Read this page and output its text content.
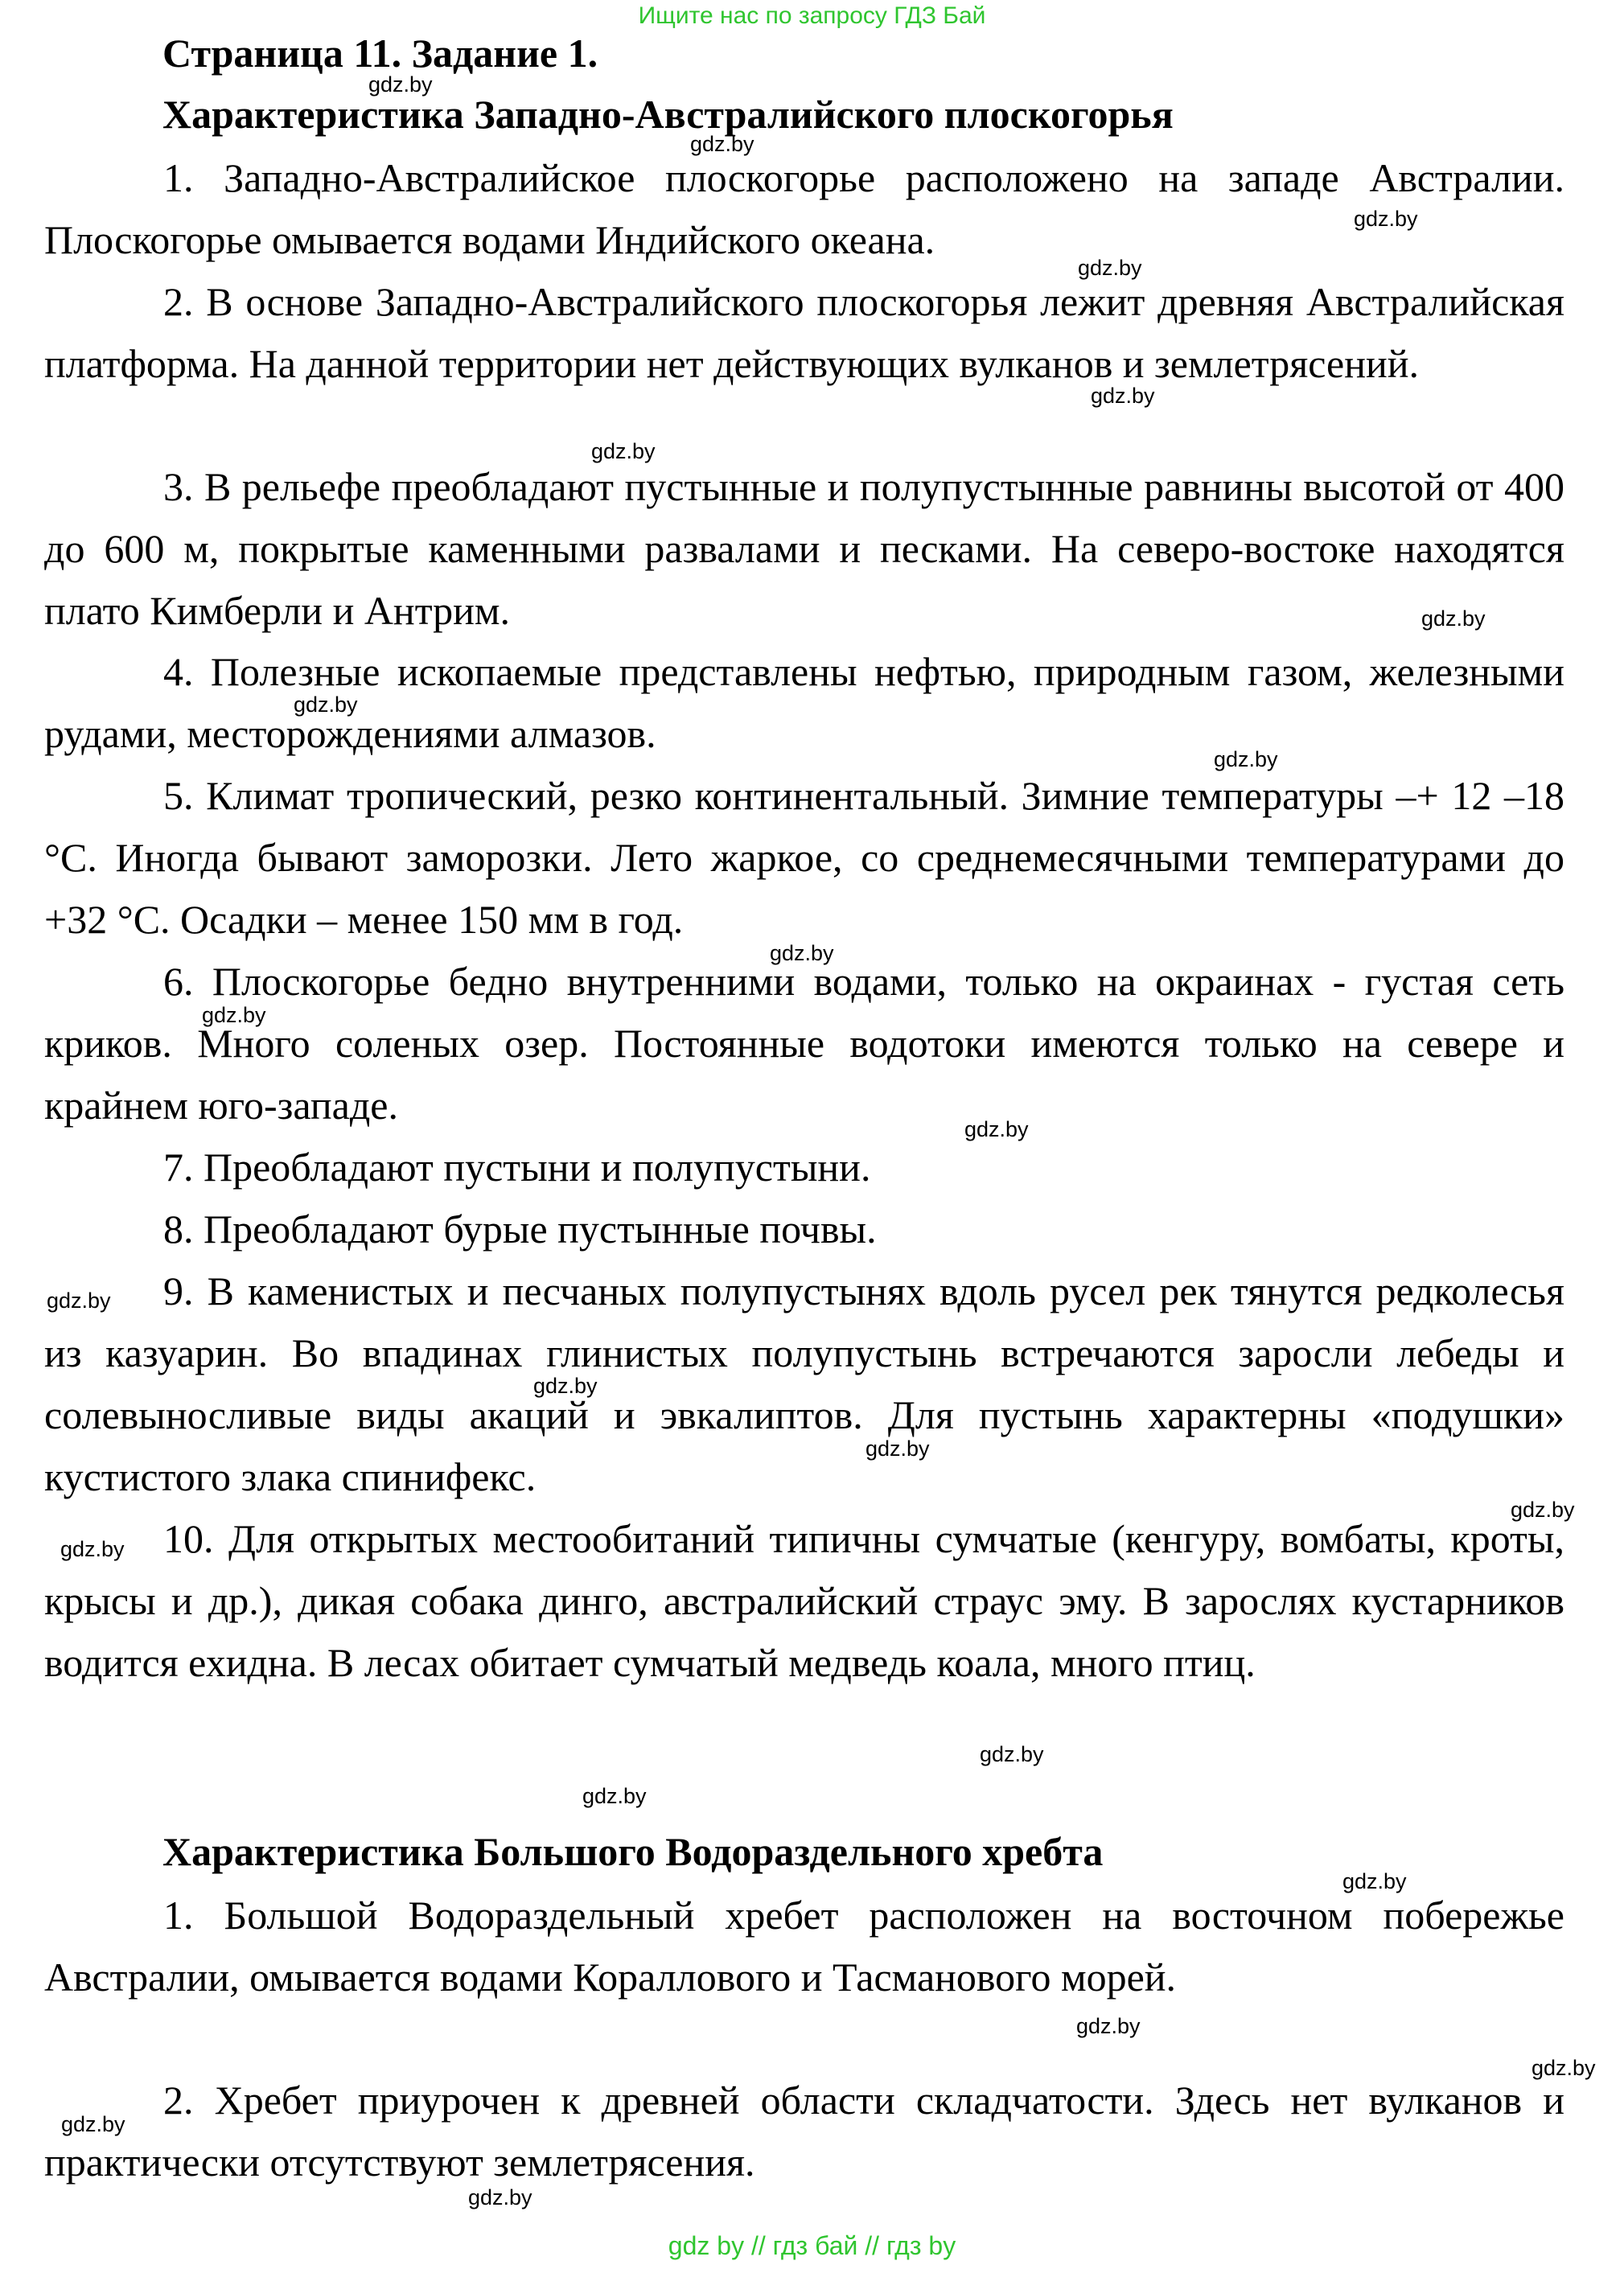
Ищите нас по запросу ГДЗ Бай
Страница 11. Задание 1.
Характеристика Западно-Австралийского плоскогорья
1. Западно-Австралийское плоскогорье расположено на западе Австралии. Плоскогорье омывается водами Индийского океана.
2. В основе Западно-Австралийского плоскогорья лежит древняя Австралийская платформа. На данной территории нет действующих вулканов и землетрясений.
3. В рельефе преобладают пустынные и полупустынные равнины высотой от 400 до 600 м, покрытые каменными развалами и песками. На северо-востоке находятся плато Кимберли и Антрим.
4. Полезные ископаемые представлены нефтью, природным газом, железными рудами, месторождениями алмазов.
5. Климат тропический, резко континентальный. Зимние температуры –+ 12 –18 °С. Иногда бывают заморозки. Лето жаркое, со среднемесячными температурами до +32 °С. Осадки – менее 150 мм в год.
6. Плоскогорье бедно внутренними водами, только на окраинах - густая сеть криков. Много соленых озер. Постоянные водотоки имеются только на севере и крайнем юго-западе.
7. Преобладают пустыни и полупустыни.
8. Преобладают бурые пустынные почвы.
9. В каменистых и песчаных полупустынях вдоль русел рек тянутся редколесья из казуарин. Во впадинах глинистых полупустынь встречаются заросли лебеды и солевыносливые виды акаций и эвкалиптов. Для пустынь характерны «подушки» кустистого злака спинифекс.
10. Для открытых местообитаний типичны сумчатые (кенгуру, вомбаты, кроты, крысы и др.), дикая собака динго, австралийский страус эму. В зарослях кустарников водится ехидна. В лесах обитает сумчатый медведь коала, много птиц.
Характеристика Большого Водораздельного хребта
1. Большой Водораздельный хребет расположен на восточном побережье Австралии, омывается водами Кораллового и Тасманового морей.
2. Хребет приурочен к древней области складчатости. Здесь нет вулканов и практически отсутствуют землетрясения.
gdz.by
gdz.by
gdz.by
gdz.by
gdz.by
gdz.by
gdz.by
gdz.by
gdz.by
gdz.by
gdz.by
gdz.by
gdz.by
gdz.by
gdz.by
gdz.by
gdz.by
gdz.by
gdz.by
gdz.by
gdz.by
gdz.by
gdz.by
gdz.by
gdz by // гдз бай // гдз by
